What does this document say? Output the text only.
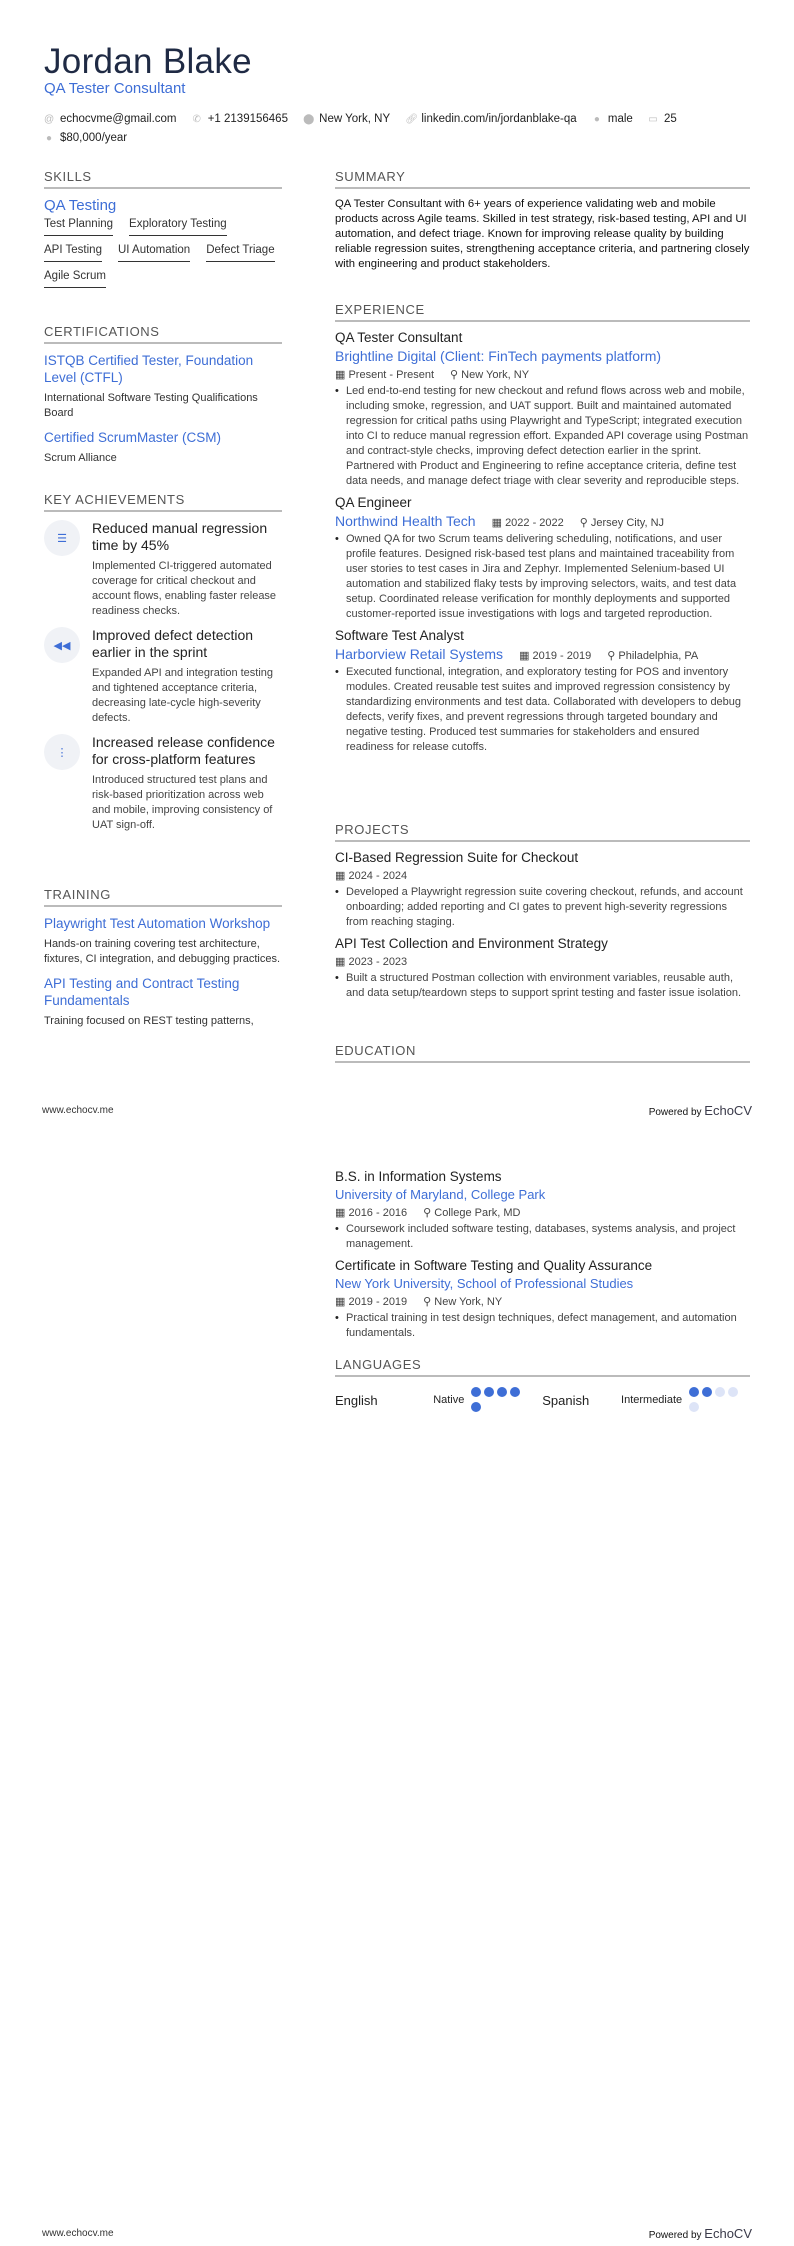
Jordan Blake
QA Tester Consultant
@ echocvme@gmail.com ✆ +1 2139156465 ⬤ New York, NY 🔗︎ linkedin.com/in/jordanblake-qa ● male ▭ 25
● $80,000/year
SKILLS
QA Testing
Test Planning Exploratory Testing
API Testing UI Automation Defect Triage
Agile Scrum
CERTIFICATIONS
ISTQB Certified Tester, Foundation Level (CTFL)
International Software Testing Qualifications Board
Certified ScrumMaster (CSM)
Scrum Alliance
KEY ACHIEVEMENTS
☰
Reduced manual regression time by 45%
Implemented CI-triggered automated coverage for critical checkout and account flows, enabling faster release readiness checks.
◀◀
Improved defect detection earlier in the sprint
Expanded API and integration testing and tightened acceptance criteria, decreasing late-cycle high-severity defects.
⋮
Increased release confidence for cross-platform features
Introduced structured test plans and risk-based prioritization across web and mobile, improving consistency of UAT sign-off.
TRAINING
Playwright Test Automation Workshop
Hands-on training covering test architecture, fixtures, CI integration, and debugging practices.
API Testing and Contract Testing Fundamentals
Training focused on REST testing patterns,
SUMMARY
QA Tester Consultant with 6+ years of experience validating web and mobile products across Agile teams. Skilled in test strategy, risk-based testing, API and UI automation, and defect triage. Known for improving release quality by building reliable regression suites, strengthening acceptance criteria, and partnering closely with engineering and product stakeholders.
EXPERIENCE
QA Tester Consultant
Brightline Digital (Client: FinTech payments platform)
▦ Present - Present ⚲ New York, NY
• Led end-to-end testing for new checkout and refund flows across web and mobile, including smoke, regression, and UAT support. Built and maintained automated regression for critical paths using Playwright and TypeScript; integrated execution into CI to reduce manual regression effort. Expanded API coverage using Postman and contract-style checks, improving defect detection earlier in the sprint. Partnered with Product and Engineering to refine acceptance criteria, define test data needs, and manage defect triage with clear severity and reproducible steps.
QA Engineer
Northwind Health Tech ▦ 2022 - 2022 ⚲ Jersey City, NJ
• Owned QA for two Scrum teams delivering scheduling, notifications, and user profile features. Designed risk-based test plans and maintained traceability from user stories to test cases in Jira and Zephyr. Implemented Selenium-based UI automation and stabilized flaky tests by improving selectors, waits, and test data setup. Coordinated release verification for monthly deployments and supported customer-reported issue investigations with logs and targeted reproduction.
Software Test Analyst
Harborview Retail Systems ▦ 2019 - 2019 ⚲ Philadelphia, PA
• Executed functional, integration, and exploratory testing for POS and inventory modules. Created reusable test suites and improved regression consistency by standardizing environments and test data. Collaborated with developers to debug defects, verify fixes, and prevent regressions through targeted boundary and negative testing. Produced test summaries for stakeholders and ensured readiness for release cutoffs.
PROJECTS
CI-Based Regression Suite for Checkout
▦ 2024 - 2024
• Developed a Playwright regression suite covering checkout, refunds, and account onboarding; added reporting and CI gates to prevent high-severity regressions from reaching staging.
API Test Collection and Environment Strategy
▦ 2023 - 2023
• Built a structured Postman collection with environment variables, reusable auth, and data setup/teardown steps to support sprint testing and faster issue isolation.
EDUCATION
www.echocv.me	Powered by EchoCV
B.S. in Information Systems
University of Maryland, College Park
▦ 2016 - 2016 ⚲ College Park, MD
• Coursework included software testing, databases, systems analysis, and project management.
Certificate in Software Testing and Quality Assurance
New York University, School of Professional Studies
▦ 2019 - 2019 ⚲ New York, NY
• Practical training in test design techniques, defect management, and automation fundamentals.
LANGUAGES
English	Native	Spanish	Intermediate
www.echocv.me	Powered by EchoCV
